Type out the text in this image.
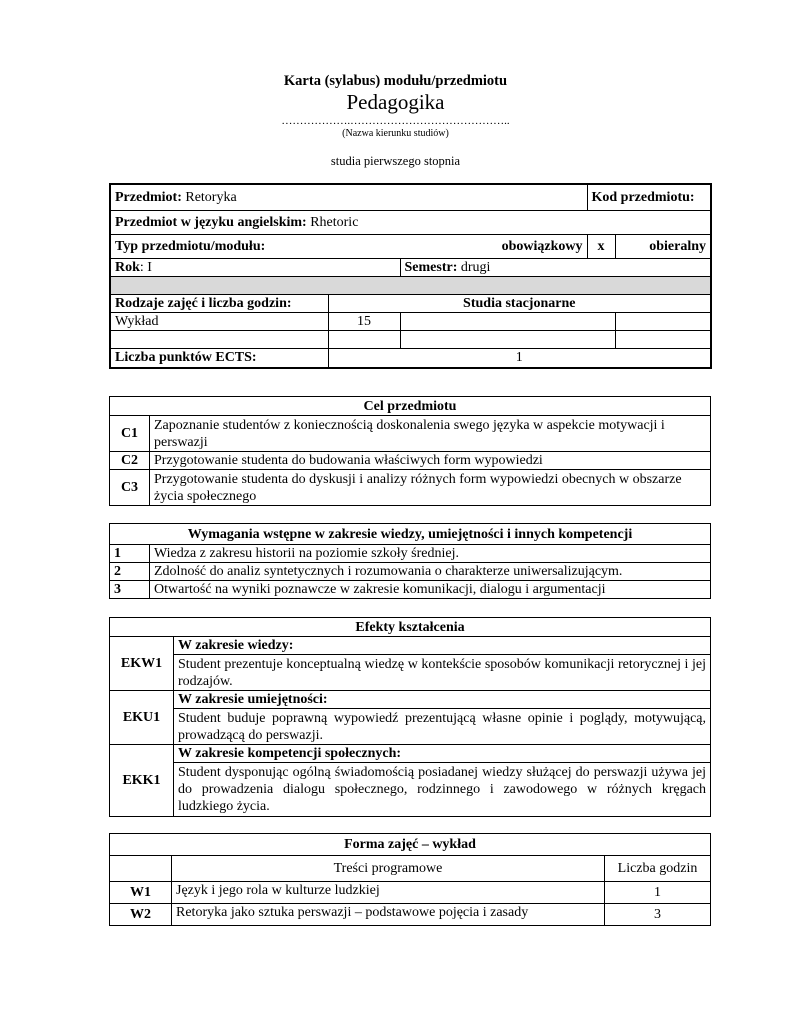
Karta (sylabus) modułu/przedmiotu
Pedagogika
……………….……………………………………..
(Nazwa kierunku studiów)
studia pierwszego stopnia
Przedmiot: Retoryka			Kod przedmiotu:	
Przedmiot w języku angielskim: Rhetoric				
Typ przedmiotu/modułu:		obowiązkowy	x	obieralny
Rok: I		Semestr: drugi		

Rodzaje zajęć i liczba godzin:	Studia stacjonarne			
Wykład	15			

Liczba punktów ECTS:	1			
Cel przedmiotu	
C1	Zapoznanie studentów z koniecznością doskonalenia swego języka w aspekcie motywacji i perswazji
C2	Przygotowanie studenta do budowania właściwych form wypowiedzi
C3	Przygotowanie studenta do dyskusji i analizy różnych form wypowiedzi obecnych w obszarze życia społecznego
Wymagania wstępne w zakresie wiedzy, umiejętności i innych kompetencji	
1	Wiedza z zakresu historii na poziomie szkoły średniej.
2	Zdolność do analiz syntetycznych i rozumowania o charakterze uniwersalizującym.
3	Otwartość na wyniki poznawcze w zakresie komunikacji, dialogu i argumentacji
Efekty kształcenia	
EKW1	W zakresie wiedzy:
	Student prezentuje konceptualną wiedzę w kontekście sposobów komunikacji retorycznej i jej rodzajów.
EKU1	W zakresie umiejętności:
	Student buduje poprawną wypowiedź prezentującą własne opinie i poglądy, motywującą, prowadzącą do perswazji.
EKK1	W zakresie kompetencji społecznych:
	Student dysponując ogólną świadomością posiadanej wiedzy służącej do perswazji używa jej do prowadzenia dialogu społecznego, rodzinnego i zawodowego w różnych kręgach ludzkiego życia.
Forma zajęć – wykład		
	Treści programowe	Liczba godzin
W1	Język i jego rola w kulturze ludzkiej	1
W2	Retoryka jako sztuka perswazji – podstawowe pojęcia i zasady	3
